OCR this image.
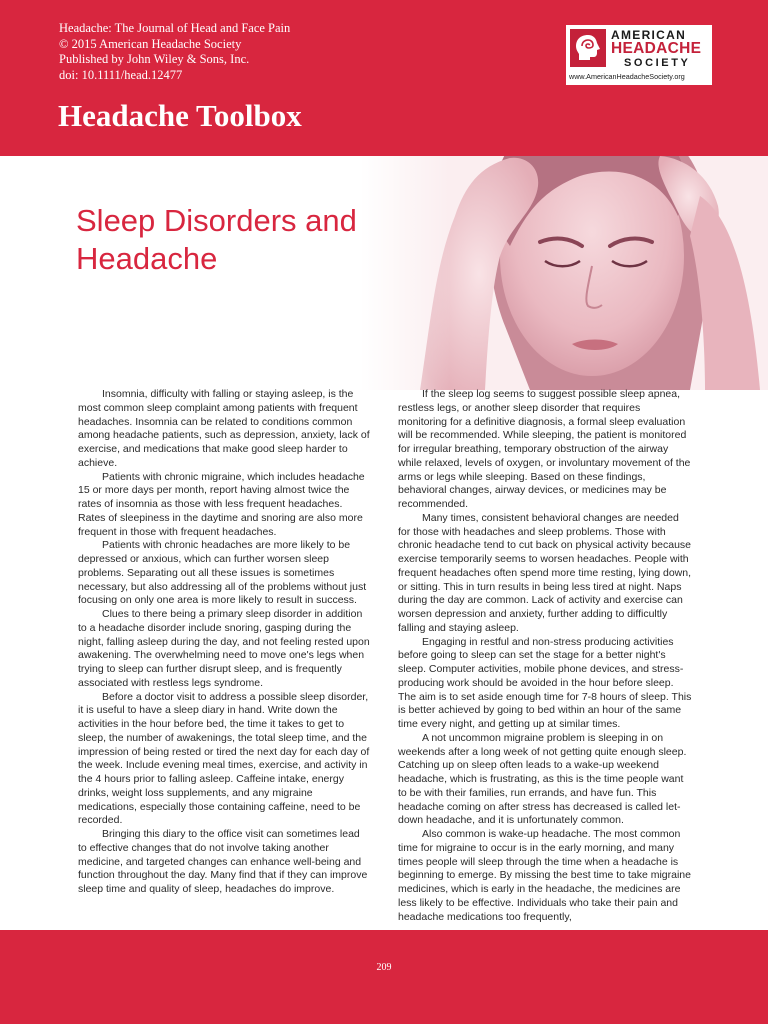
Headache: The Journal of Head and Face Pain
© 2015 American Headache Society
Published by John Wiley & Sons, Inc.
doi: 10.1111/head.12477
AMERICAN
HEADACHE
SOCIETY
www.AmericanHeadacheSociety.org
Headache Toolbox
Sleep Disorders and
Headache

Insomnia, difficulty with falling or staying asleep, is the most common sleep complaint among patients with frequent headaches. Insomnia can be related to conditions common among headache patients, such as depression, anxiety, lack of exercise, and medications that make good sleep harder to achieve.

Patients with chronic migraine, which includes headache 15 or more days per month, report having almost twice the rates of insomnia as those with less frequent headaches. Rates of sleepiness in the daytime and snoring are also more frequent in those with frequent headaches.

Patients with chronic headaches are more likely to be depressed or anxious, which can further worsen sleep problems. Separating out all these issues is sometimes necessary, but also addressing all of the problems without just focusing on only one area is more likely to result in success.

Clues to there being a primary sleep disorder in addition to a headache disorder include snoring, gasping during the night, falling asleep during the day, and not feeling rested upon awakening. The overwhelming need to move one's legs when trying to sleep can further disrupt sleep, and is frequently associated with restless legs syndrome.

Before a doctor visit to address a possible sleep disorder, it is useful to have a sleep diary in hand. Write down the activities in the hour before bed, the time it takes to get to sleep, the number of awakenings, the total sleep time, and the impression of being rested or tired the next day for each day of the week. Include evening meal times, exercise, and activity in the 4 hours prior to falling asleep. Caffeine intake, energy drinks, weight loss supplements, and any migraine medications, especially those containing caffeine, need to be recorded.

Bringing this diary to the office visit can sometimes lead to effective changes that do not involve taking another medicine, and targeted changes can enhance well-being and function throughout the day. Many find that if they can improve sleep time and quality of sleep, headaches do improve.

If the sleep log seems to suggest possible sleep apnea, restless legs, or another sleep disorder that requires monitoring for a definitive diagnosis, a formal sleep evaluation will be recommended. While sleeping, the patient is monitored for irregular breathing, temporary obstruction of the airway while relaxed, levels of oxygen, or involuntary movement of the arms or legs while sleeping. Based on these findings, behavioral changes, airway devices, or medicines may be recommended.

Many times, consistent behavioral changes are needed for those with headaches and sleep problems. Those with chronic headache tend to cut back on physical activity because exercise temporarily seems to worsen headaches. People with frequent headaches often spend more time resting, lying down, or sitting. This in turn results in being less tired at night. Naps during the day are common. Lack of activity and exercise can worsen depression and anxiety, further adding to difficultly falling and staying asleep.

Engaging in restful and non-stress producing activities before going to sleep can set the stage for a better night's sleep. Computer activities, mobile phone devices, and stress-producing work should be avoided in the hour before sleep. The aim is to set aside enough time for 7-8 hours of sleep. This is better achieved by going to bed within an hour of the same time every night, and getting up at similar times.

A not uncommon migraine problem is sleeping in on weekends after a long week of not getting quite enough sleep. Catching up on sleep often leads to a wake-up weekend headache, which is frustrating, as this is the time people want to be with their families, run errands, and have fun. This headache coming on after stress has decreased is called let-down headache, and it is unfortunately common.

Also common is wake-up headache. The most common time for migraine to occur is in the early morning, and many times people will sleep through the time when a headache is beginning to emerge. By missing the best time to take migraine medicines, which is early in the headache, the medicines are less likely to be effective. Individuals who take their pain and headache medications too frequently,

209
